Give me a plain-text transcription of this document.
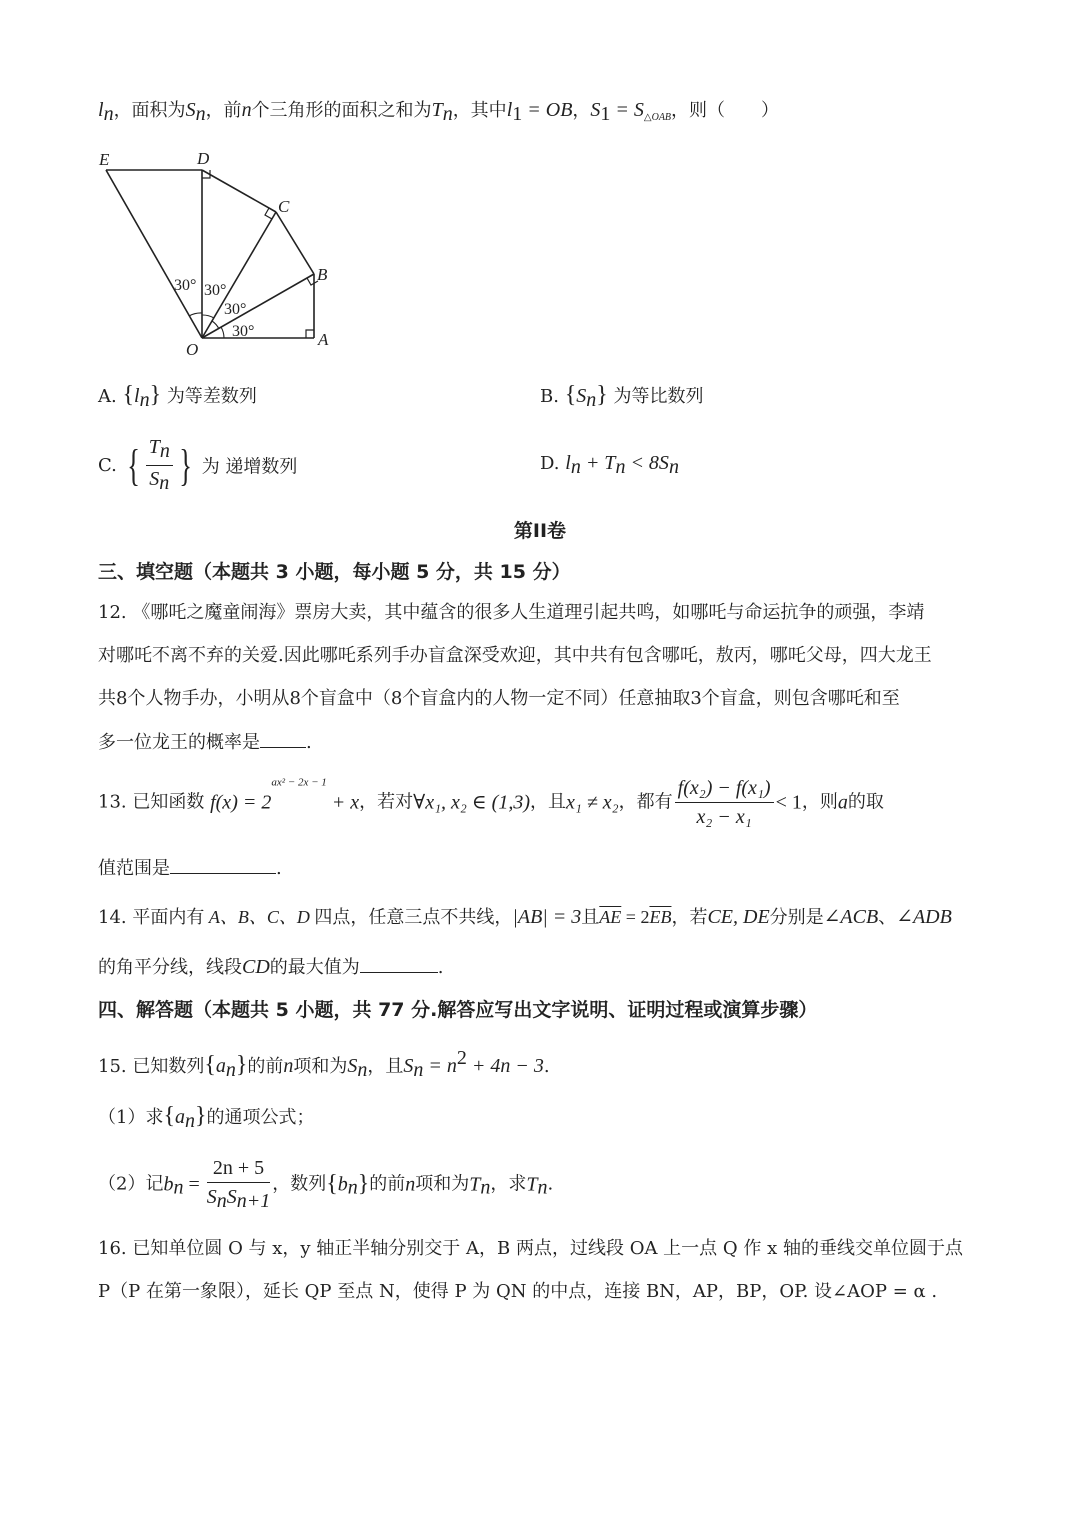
$l_n$，面积为$S_n$，前n个三角形的面积之和为$T_n$，其中$l_1$ = OB，$S_1 = S_{\triangle OAB}$，则（　　）
30° 30°
30°
30°
E	D
C
B
A
O
A. $\{l_n\}$ 为等差数列	B. $\{S_n\}$ 为等比数列
C. { $\frac{T_n}{S_n}$ } 为 递增数列	D. $l_n + T_n < 8S_n$
第II卷
三、填空题（本题共 3 小题，每小题 5 分，共 15 分）
12. 《哪吒之魔童闹海》票房大卖，其中蕴含的很多人生道理引起共鸣，如哪吒与命运抗争的顽强，李靖
对哪吒不离不弃的关爱.因此哪吒系列手办盲盒深受欢迎，其中共有包含哪吒，敖丙，哪吒父母，四大龙王
共8个人物手办，小明从8个盲盒中（8个盲盒内的人物一定不同）任意抽取3个盲盒，则包含哪吒和至
多一位龙王的概率是	.
13. 已知函数 $f(x) = 2^{ax^2 - 2x - 1} + x$，若对∀x₁, x₂ ∈ (1,3)，且x₁ ≠ x₂，都有 $\frac{\text{f(x₂) − f(x₁)}}{\text{x₂ − x₁}} < 1$，则a的取
值范围是	.
14. 平面内有 A、B、C、D 四点，任意三点不共线，|AB| = 3且$\overline{AE} = 2\overline{EB}$，若CE, DE分别是∠ACB、∠ADB
的角平分线，线段CD的最大值为	.
四、解答题（本题共 5 小题，共 77 分.解答应写出文字说明、证明过程或演算步骤）
15. 已知数列$\{a_n\}$的前n项和为$S_n$，且$S_n = n^2 + 4n - 3$.
（1）求$\{a_n\}$的通项公式；
（2）记$b_n = \frac{2n + 5}{S_nS_{n+1}}$ ，数列$\{b_n\}$的前n项和为$T_n$，求$T_n$.
16. 已知单位圆 O 与 x，y 轴正半轴分别交于 A，B 两点，过线段 OA 上一点 Q 作 x 轴的垂线交单位圆于点
P（P 在第一象限），延长 QP 至点 N，使得 P 为 QN 的中点，连接 BN，AP，BP，OP. 设∠AOP = α .
